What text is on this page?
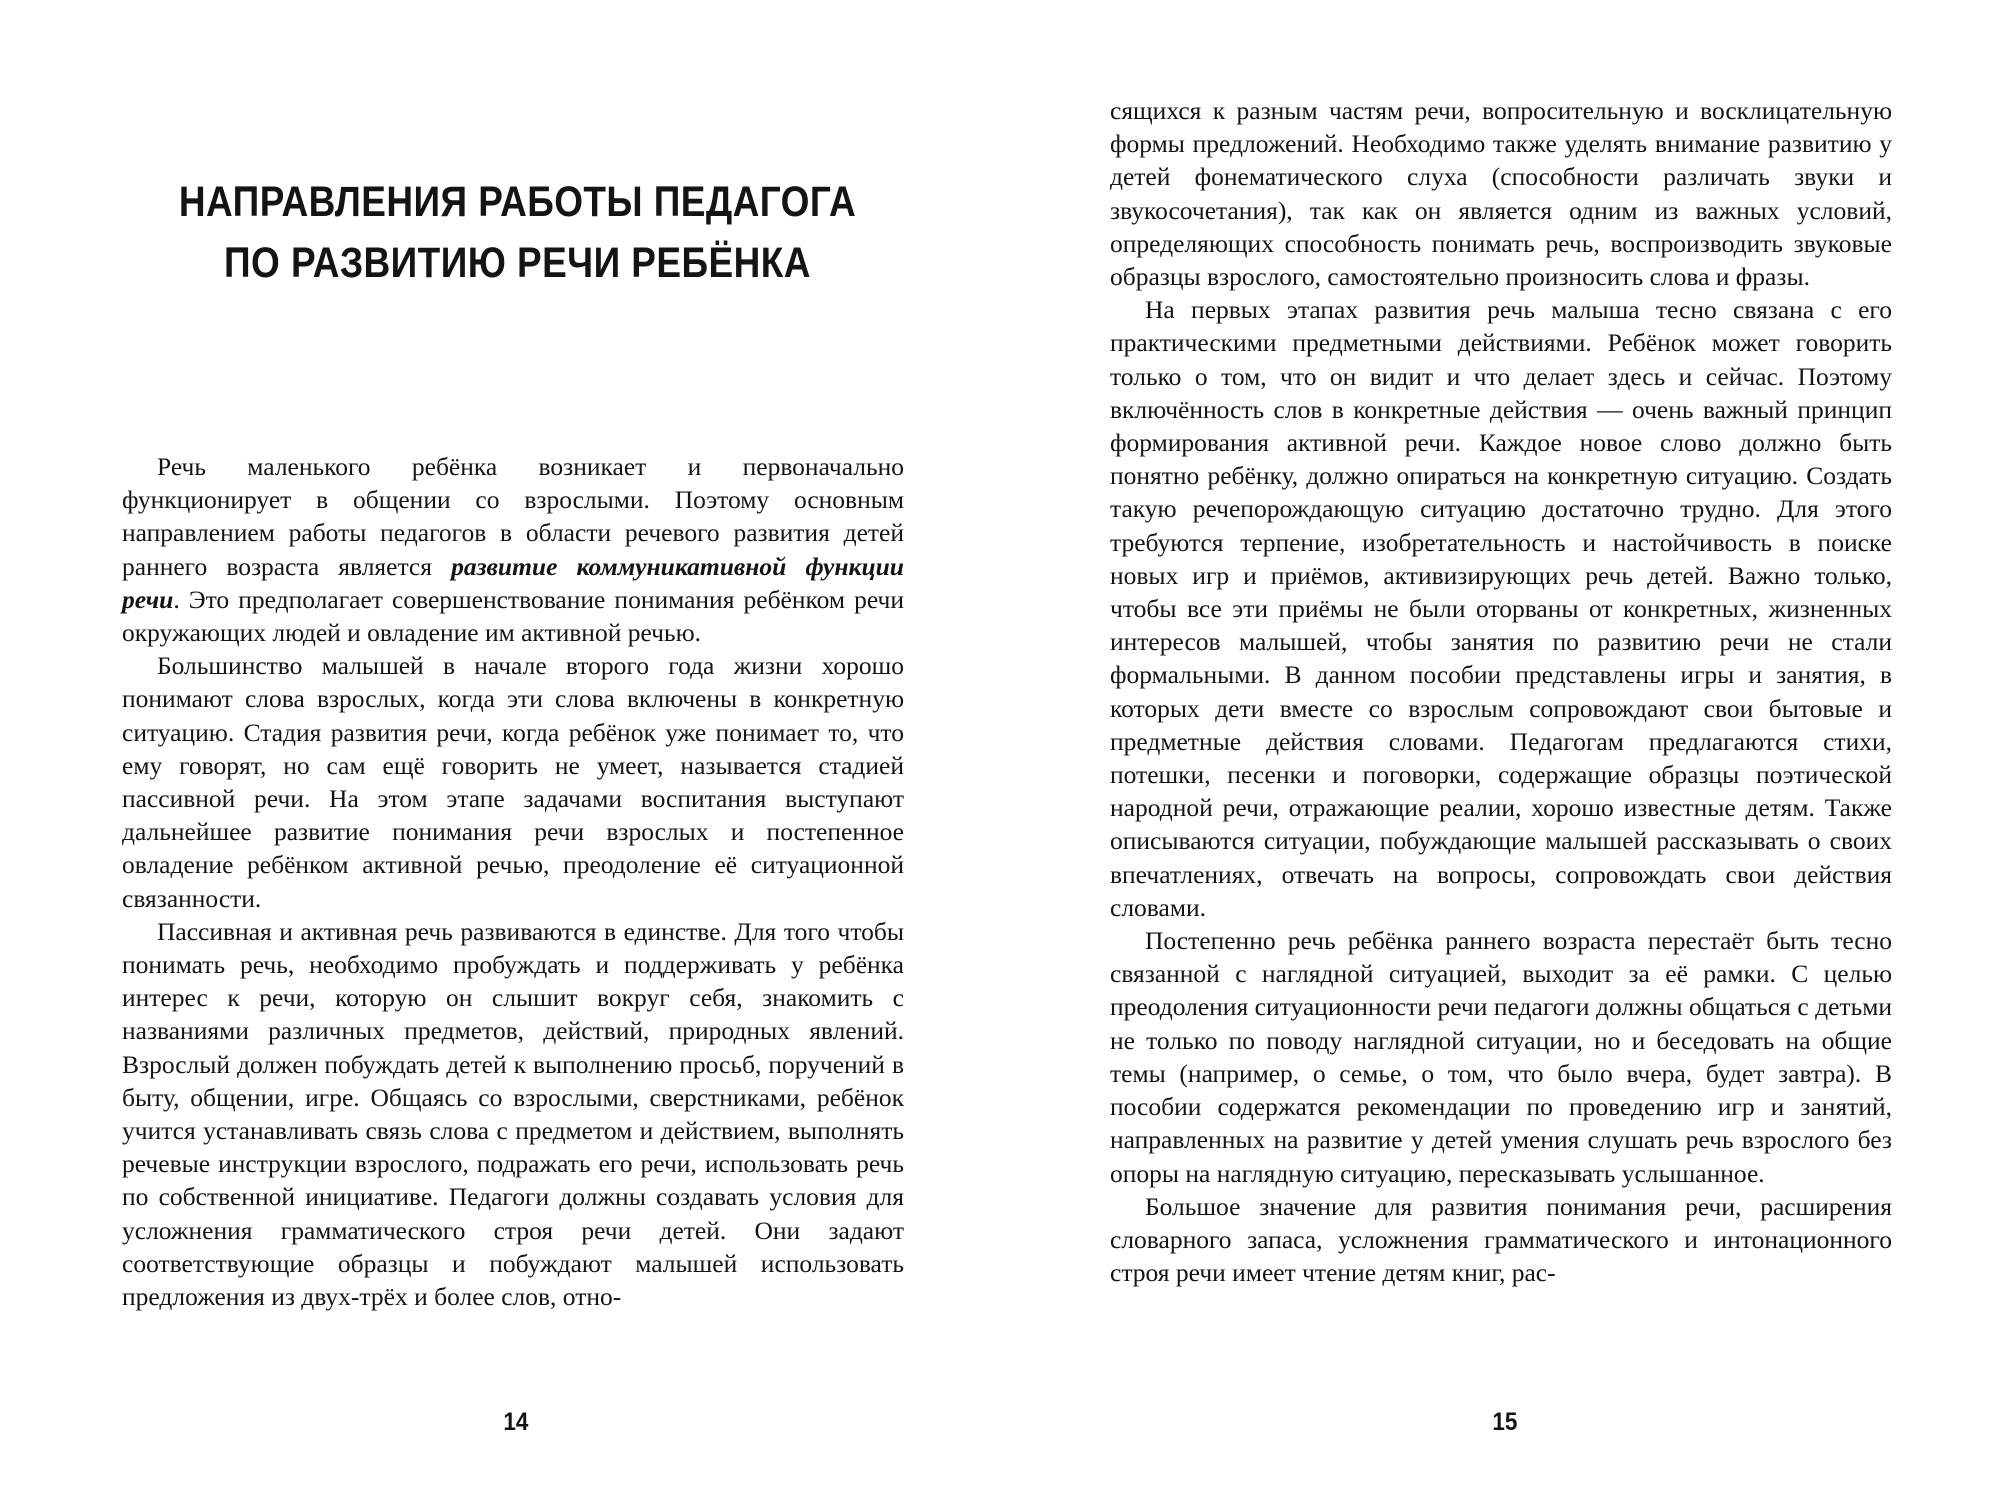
НАПРАВЛЕНИЯ РАБОТЫ ПЕДАГОГА
ПО РАЗВИТИЮ РЕЧИ РЕБЁНКА

Речь маленького ребёнка возникает и первоначально функционирует в общении со взрослыми. Поэтому основным направлением работы педагогов в области речевого развития детей раннего возраста является развитие коммуникативной функции речи. Это предполагает совершенствование понимания ребёнком речи окружающих людей и овладение им активной речью.

Большинство малышей в начале второго года жизни хорошо понимают слова взрослых, когда эти слова включены в конкретную ситуацию. Стадия развития речи, когда ребёнок уже понимает то, что ему говорят, но сам ещё говорить не умеет, называется стадией пассивной речи. На этом этапе задачами воспитания выступают дальнейшее развитие понимания речи взрослых и постепенное овладение ребёнком активной речью, преодоление её ситуационной связанности.

Пассивная и активная речь развиваются в единстве. Для того чтобы понимать речь, необходимо пробуждать и поддерживать у ребёнка интерес к речи, которую он слышит вокруг себя, знакомить с названиями различных предметов, действий, природных явлений. Взрослый должен побуждать детей к выполнению просьб, поручений в быту, общении, игре. Общаясь со взрослыми, сверстниками, ребёнок учится устанавливать связь слова с предметом и действием, выполнять речевые инструкции взрослого, подражать его речи, использовать речь по собственной инициативе. Педагоги должны создавать условия для усложнения грамматического строя речи детей. Они задают соответствующие образцы и побуждают малышей использовать предложения из двух-трёх и более слов, отно-

14

сящихся к разным частям речи, вопросительную и восклицательную формы предложений. Необходимо также уделять внимание развитию у детей фонематического слуха (способности различать звуки и звукосочетания), так как он является одним из важных условий, определяющих способность понимать речь, воспроизводить звуковые образцы взрослого, самостоятельно произносить слова и фразы.

На первых этапах развития речь малыша тесно связана с его практическими предметными действиями. Ребёнок может говорить только о том, что он видит и что делает здесь и сейчас. Поэтому включённость слов в конкретные действия — очень важный принцип формирования активной речи. Каждое новое слово должно быть понятно ребёнку, должно опираться на конкретную ситуацию. Создать такую речепорождающую ситуацию достаточно трудно. Для этого требуются терпение, изобретательность и настойчивость в поиске новых игр и приёмов, активизирующих речь детей. Важно только, чтобы все эти приёмы не были оторваны от конкретных, жизненных интересов малышей, чтобы занятия по развитию речи не стали формальными. В данном пособии представлены игры и занятия, в которых дети вместе со взрослым сопровождают свои бытовые и предметные действия словами. Педагогам предлагаются стихи, потешки, песенки и поговорки, содержащие образцы поэтической народной речи, отражающие реалии, хорошо известные детям. Также описываются ситуации, побуждающие малышей рассказывать о своих впечатлениях, отвечать на вопросы, сопровождать свои действия словами.

Постепенно речь ребёнка раннего возраста перестаёт быть тесно связанной с наглядной ситуацией, выходит за её рамки. С целью преодоления ситуационности речи педагоги должны общаться с детьми не только по поводу наглядной ситуации, но и беседовать на общие темы (например, о семье, о том, что было вчера, будет завтра). В пособии содержатся рекомендации по проведению игр и занятий, направленных на развитие у детей умения слушать речь взрослого без опоры на наглядную ситуацию, пересказывать услышанное.

Большое значение для развития понимания речи, расширения словарного запаса, усложнения грамматического и интонационного строя речи имеет чтение детям книг, рас-

15
